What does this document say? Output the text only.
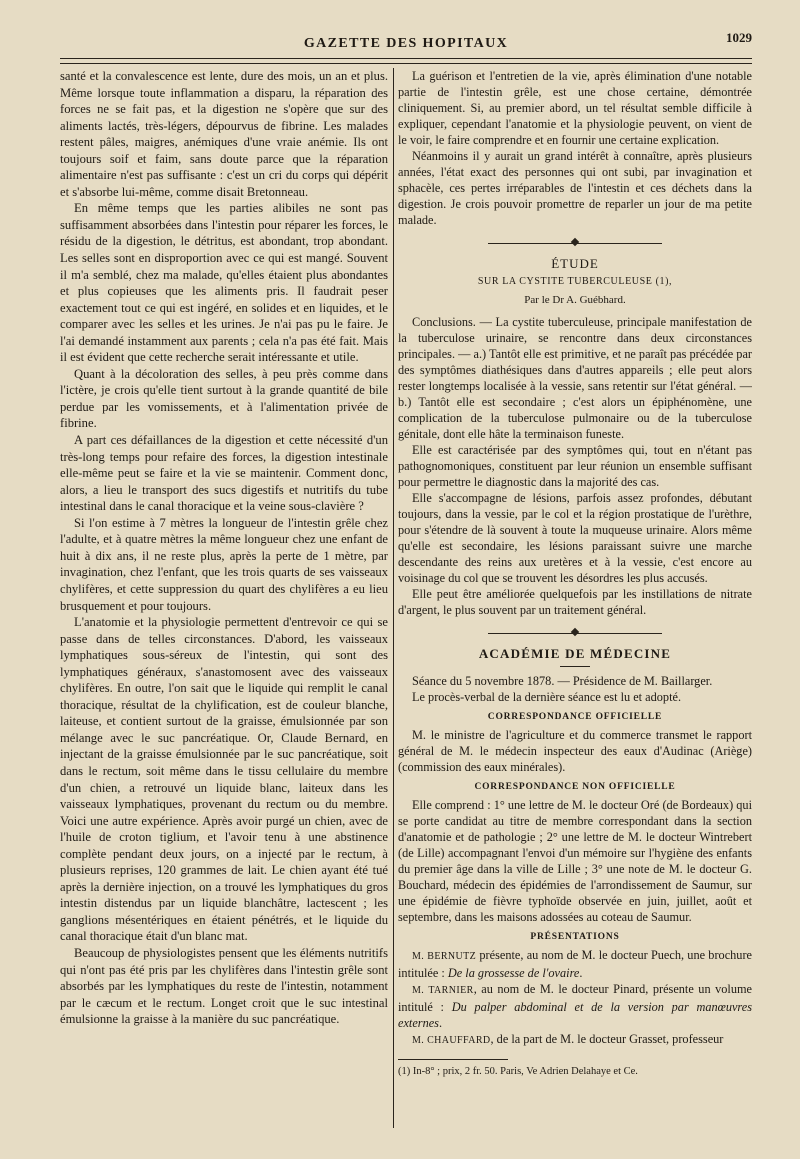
GAZETTE DES HOPITAUX	1029

santé et la convalescence est lente, dure des mois, un an et plus. Même lorsque toute inflammation a disparu, la réparation des forces ne se fait pas, et la digestion ne s'opère que sur des aliments lactés, très-légers, dépourvus de fibrine. Les malades restent pâles, maigres, anémiques d'une vraie anémie. Ils ont toujours soif et faim, sans doute parce que la réparation alimentaire n'est pas suffisante : c'est un cri du corps qui dépérit et s'absorbe lui-même, comme disait Bretonneau.

En même temps que les parties alibiles ne sont pas suffisamment absorbées dans l'intestin pour réparer les forces, le résidu de la digestion, le détritus, est abondant, trop abondant. Les selles sont en disproportion avec ce qui est mangé. Souvent il m'a semblé, chez ma malade, qu'elles étaient plus abondantes et plus copieuses que les aliments pris. Il faudrait peser exactement tout ce qui est ingéré, en solides et en liquides, et le comparer avec les selles et les urines. Je n'ai pas pu le faire. Je l'ai demandé instamment aux parents ; cela n'a pas été fait. Mais il est évident que cette recherche serait intéressante et utile.

Quant à la décoloration des selles, à peu près comme dans l'ictère, je crois qu'elle tient surtout à la grande quantité de bile perdue par les vomissements, et à l'alimentation privée de fibrine.

A part ces défaillances de la digestion et cette nécessité d'un très-long temps pour refaire des forces, la digestion intestinale elle-même peut se faire et la vie se maintenir. Comment donc, alors, a lieu le transport des sucs digestifs et nutritifs du tube intestinal dans le canal thoracique et la veine sous-clavière ?

Si l'on estime à 7 mètres la longueur de l'intestin grêle chez l'adulte, et à quatre mètres la même longueur chez une enfant de huit à dix ans, il ne reste plus, après la perte de 1 mètre, par invagination, chez l'enfant, que les trois quarts de ses vaisseaux chylifères, et cette suppression du quart des chylifères a eu lieu brusquement et pour toujours.

L'anatomie et la physiologie permettent d'entrevoir ce qui se passe dans de telles circonstances. D'abord, les vaisseaux lymphatiques sous-séreux de l'intestin, qui sont des lymphatiques généraux, s'anastomosent avec des vaisseaux chylifères. En outre, l'on sait que le liquide qui remplit le canal thoracique, résultat de la chylification, est de couleur blanche, laiteuse, et contient surtout de la graisse, émulsionnée par son mélange avec le suc pancréatique. Or, Claude Bernard, en injectant de la graisse émulsionnée par le suc pancréatique, soit dans le rectum, soit même dans le tissu cellulaire du membre d'un chien, a retrouvé un liquide blanc, laiteux dans les vaisseaux lymphatiques, provenant du rectum ou du membre. Voici une autre expérience. Après avoir purgé un chien, avec de l'huile de croton tiglium, et l'avoir tenu à une abstinence complète pendant deux jours, on a injecté par le rectum, à plusieurs reprises, 120 grammes de lait. Le chien ayant été tué après la dernière injection, on a trouvé les lymphatiques du gros intestin distendus par un liquide blanchâtre, lactescent ; les ganglions mésentériques en étaient pénétrés, et le liquide du canal thoracique était d'un blanc mat.

Beaucoup de physiologistes pensent que les éléments nutritifs qui n'ont pas été pris par les chylifères dans l'intestin grêle sont absorbés par les lymphatiques du reste de l'intestin, notamment par le cæcum et le rectum. Longet croit que le suc intestinal émulsionne la graisse à la manière du suc pancréatique.

La guérison et l'entretien de la vie, après élimination d'une notable partie de l'intestin grêle, est une chose certaine, démontrée cliniquement. Si, au premier abord, un tel résultat semble difficile à expliquer, cependant l'anatomie et la physiologie peuvent, on vient de le voir, le faire comprendre et en fournir une certaine explication.

Néanmoins il y aurait un grand intérêt à connaître, après plusieurs années, l'état exact des personnes qui ont subi, par invagination et sphacèle, ces pertes irréparables de l'intestin et ces déchets dans la digestion. Je crois pouvoir promettre de reparler un jour de ma petite malade.

ÉTUDE

SUR LA CYSTITE TUBERCULEUSE (1),

Par le Dr A. Guébhard.

Conclusions. — La cystite tuberculeuse, principale manifestation de la tuberculose urinaire, se rencontre dans deux circonstances principales. — a.) Tantôt elle est primitive, et ne paraît pas précédée par des symptômes diathésiques dans d'autres appareils ; elle peut alors rester longtemps localisée à la vessie, sans retentir sur l'état général. — b.) Tantôt elle est secondaire ; c'est alors un épiphénomène, une complication de la tuberculose pulmonaire ou de la tuberculose génitale, dont elle hâte la terminaison funeste.

Elle est caractérisée par des symptômes qui, tout en n'étant pas pathognomoniques, constituent par leur réunion un ensemble suffisant pour permettre le diagnostic dans la majorité des cas.

Elle s'accompagne de lésions, parfois assez profondes, débutant toujours, dans la vessie, par le col et la région prostatique de l'urèthre, pour s'étendre de là souvent à toute la muqueuse urinaire. Alors même qu'elle est secondaire, les lésions paraissant suivre une marche descendante des reins aux uretères et à la vessie, c'est encore au voisinage du col que se trouvent les désordres les plus accusés.

Elle peut être améliorée quelquefois par les instillations de nitrate d'argent, le plus souvent par un traitement général.

ACADÉMIE DE MÉDECINE

Séance du 5 novembre 1878. — Présidence de M. Baillarger.

Le procès-verbal de la dernière séance est lu et adopté.

CORRESPONDANCE OFFICIELLE

M. le ministre de l'agriculture et du commerce transmet le rapport général de M. le médecin inspecteur des eaux d'Audinac (Ariège) (commission des eaux minérales).

CORRESPONDANCE NON OFFICIELLE

Elle comprend : 1° une lettre de M. le docteur Oré (de Bordeaux) qui se porte candidat au titre de membre correspondant dans la section d'anatomie et de pathologie ; 2° une lettre de M. le docteur Wintrebert (de Lille) accompagnant l'envoi d'un mémoire sur l'hygiène des enfants du premier âge dans la ville de Lille ; 3° une note de M. le docteur G. Bouchard, médecin des épidémies de l'arrondissement de Saumur, sur une épidémie de fièvre typhoïde observée en juin, juillet, août et septembre, dans les maisons adossées au coteau de Saumur.

PRÉSENTATIONS

M. BERNUTZ présente, au nom de M. le docteur Puech, une brochure intitulée : De la grossesse de l'ovaire.

M. TARNIER, au nom de M. le docteur Pinard, présente un volume intitulé : Du palper abdominal et de la version par manœuvres externes.

M. CHAUFFARD, de la part de M. le docteur Grasset, professeur

(1) In-8° ; prix, 2 fr. 50. Paris, Ve Adrien Delahaye et Ce.
